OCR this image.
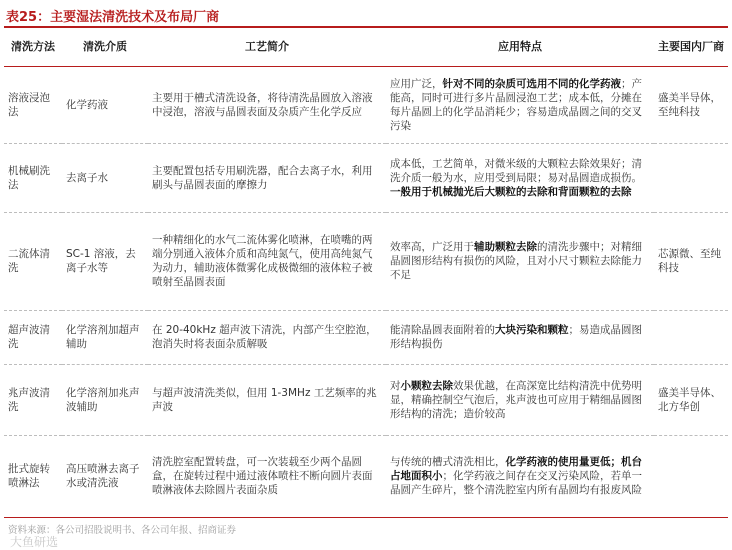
表25：主要湿法清洗技术及布局厂商
清洗方法	清洗介质	工艺简介	应用特点	主要国内厂商
溶液浸泡法	化学药液	主要用于槽式清洗设备，将待清洗晶圆放入溶液中浸泡，溶液与晶圆表面及杂质产生化学反应	应用广泛，针对不同的杂质可选用不同的化学药液；产能高，同时可进行多片晶圆浸泡工艺；成本低，分摊在每片晶圆上的化学品消耗少；容易造成晶圆之间的交叉污染	盛美半导体，至纯科技
机械刷洗法	去离子水	主要配置包括专用刷洗器，配合去离子水，利用刷头与晶圆表面的摩擦力	成本低，工艺简单，对微米级的大颗粒去除效果好；清洗介质一般为水，应用受到局限；易对晶圆造成损伤。一般用于机械抛光后大颗粒的去除和背面颗粒的去除	
二流体清洗	SC-1 溶液，去离子水等	一种精细化的水气二流体雾化喷淋，在喷嘴的两端分别通入液体介质和高纯氮气，使用高纯氮气为动力，辅助液体微雾化成极微细的液体粒子被喷射至晶圆表面	效率高，广泛用于辅助颗粒去除的清洗步骤中；对精细晶圆图形结构有损伤的风险，且对小尺寸颗粒去除能力不足	芯源微、至纯科技
超声波清洗	化学溶剂加超声辅助	在 20-40kHz 超声波下清洗，内部产生空腔泡，泡消失时将表面杂质解吸	能清除晶圆表面附着的大块污染和颗粒；易造成晶圆图形结构损伤	
兆声波清洗	化学溶剂加兆声波辅助	与超声波清洗类似，但用 1-3MHz 工艺频率的兆声波	对小颗粒去除效果优越，在高深宽比结构清洗中优势明显，精确控制空气泡后，兆声波也可应用于精细晶圆图形结构的清洗；造价较高	盛美半导体、北方华创
批式旋转喷淋法	高压喷淋去离子水或清洗液	清洗腔室配置转盘，可一次装载至少两个晶圆盒，在旋转过程中通过液体喷柱不断向圆片表面喷淋液体去除圆片表面杂质	与传统的槽式清洗相比，化学药液的使用量更低；机台占地面积小；化学药液之间存在交叉污染风险，若单一晶圆产生碎片，整个清洗腔室内所有晶圆均有报废风险	
资料来源：各公司招股说明书、各公司年报、招商证券
大鱼研选
